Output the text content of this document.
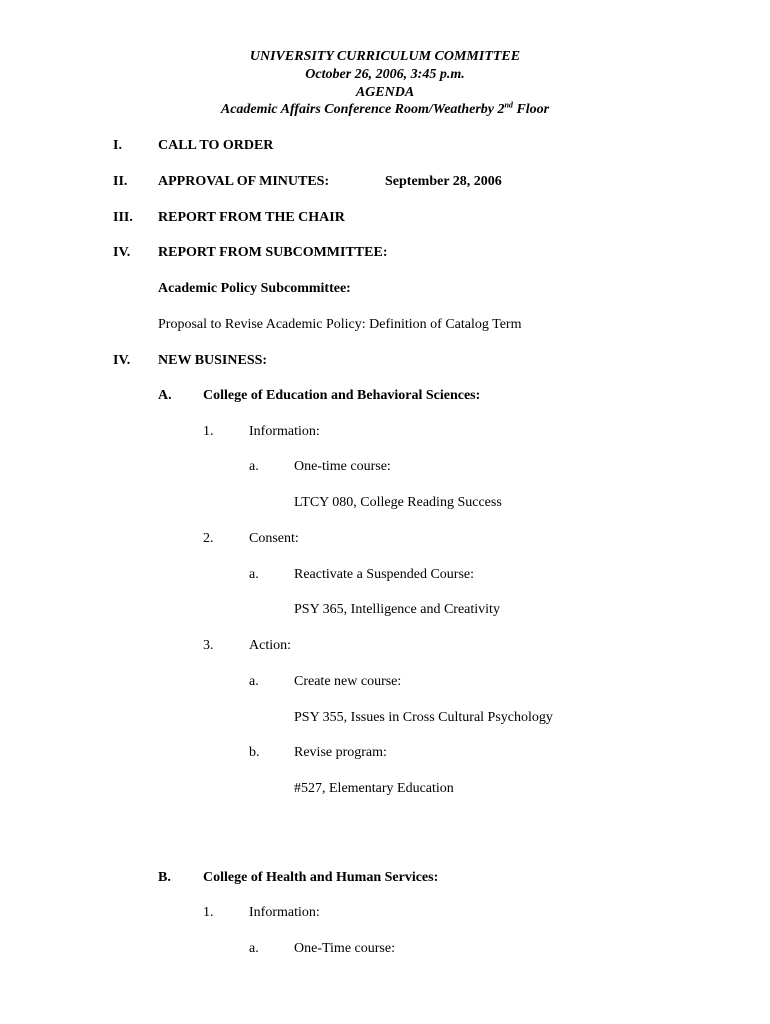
UNIVERSITY CURRICULUM COMMITTEE
October 26, 2006, 3:45 p.m.
AGENDA
Academic Affairs Conference Room/Weatherby 2nd Floor
I.	CALL TO ORDER
II. APPROVAL OF MINUTES:	September 28, 2006
III. REPORT FROM THE CHAIR
IV. REPORT FROM SUBCOMMITTEE:
Academic Policy Subcommittee:
Proposal to Revise Academic Policy: Definition of Catalog Term
IV. NEW BUSINESS:
A. College of Education and Behavioral Sciences:
1.	Information:
a.	One-time course:
LTCY 080, College Reading Success
2.	Consent:
a.	Reactivate a Suspended Course:
PSY 365, Intelligence and Creativity
3.	Action:
a.	Create new course:
PSY 355, Issues in Cross Cultural Psychology
b. Revise program:
#527, Elementary Education
B. College of Health and Human Services:
1.	Information:
a.	One-Time course:
